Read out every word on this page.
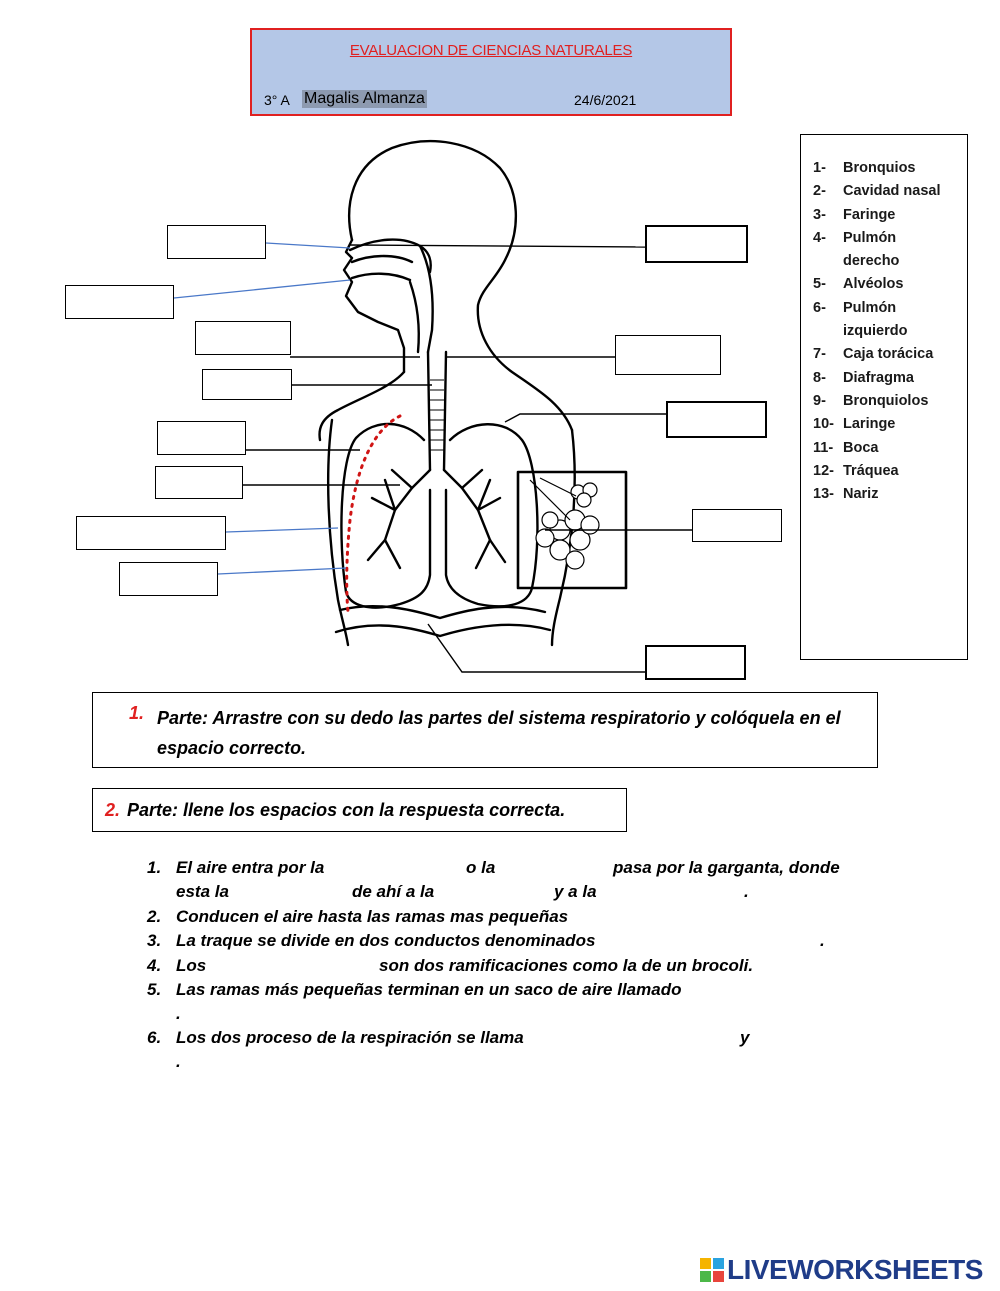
EVALUACION DE CIENCIAS NATURALES
3° A Magalis Almanza	24/6/2021
1-	Bronquios
2-	Cavidad nasal
3-	Faringe
4-	Pulmón derecho
5-	Alvéolos
6-	Pulmón izquierdo
7-	Caja torácica
8-	Diafragma
9-	Bronquiolos
10- Laringe
11- Boca
12- Tráquea
13- Nariz
1. Parte: Arrastre con su dedo las partes del sistema respiratorio y colóquela en el espacio correcto.
2. Parte: llene los espacios con la respuesta correcta.
1. El aire entra por la	o la	pasa por la garganta, donde
esta la	de ahí a la	y a la	.
2. Conducen el aire hasta las ramas mas pequeñas
3. La traque se divide en dos conductos denominados	.
4. Los	son dos ramificaciones como la de un brocoli.
5. Las ramas más pequeñas terminan en un saco de aire llamado
.
6. Los dos proceso de la respiración se llama	y
.
LIVEWORKSHEETS
